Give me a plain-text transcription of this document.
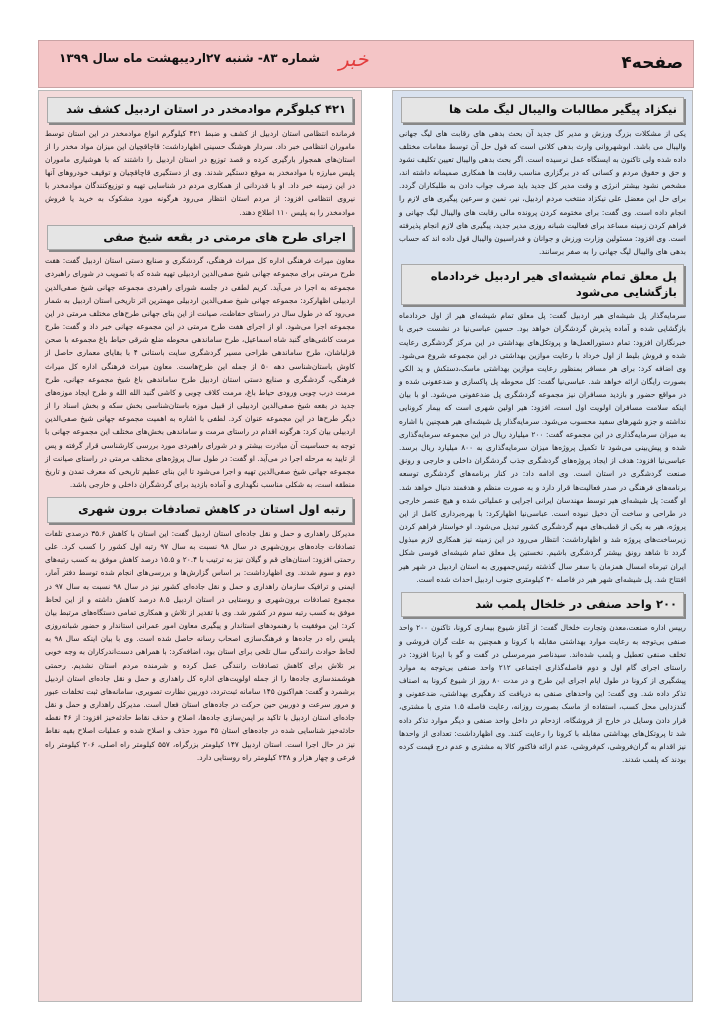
صفحه۴
خبر
شماره ۸۳- شنبه ۲۷اردیبهشت ماه سال ۱۳۹۹
نیکزاد پیگیر مطالبات والیبال لیگ ملت ها

یکی از مشکلات بزرگ ورزش و مدیر کل جدید آن بحث بدهی های رقابت های لیگ جهانی والیبال می باشد. ابوشهروانی وارث بدهی کلانی است که قول حل آن توسط مقامات مختلف داده شده ولی تاکنون به ایستگاه عمل نرسیده است. اگر بحث بدهی والیبال تعیین تکلیف نشود و حق و حقوق مردم و کسانی که در برگزاری مناسب رقابت ها همکاری صمیمانه داشته اند، مشخص نشود بیشتر انرژی و وقت مدیر کل جدید باید صرف جواب دادن به طلبکاران گردد. برای حل این معضل علی نیکزاد منتخب مردم اردبیل، نیر، نمین و سرعین پیگیری های لازم را انجام داده است. وی گفت: برای مختومه کردن پرونده مالی رقابت های والیبال لیگ جهانی و فراهم کردن زمینه مساعد برای فعالیت شبانه روزی مدیر جدید، پیگیری های لازم انجام پذیرفته است. وی افزود: مسئولین وزارت ورزش و جوانان و فدراسیون والیبال قول داده اند که حساب بدهی های والیبال لیگ جهانی را به صفر برسانند.

پل معلق تمام شیشه‌ای هیر اردبیل خردادماه بازگشایی می‌شود

سرمایه‌گذار پل شیشه‌ای هیر اردبیل گفت: پل معلق تمام شیشه‌ای هیر از اول خردادماه بازگشایی شده و آماده پذیرش گردشگران خواهد بود. حسین عباسی‌نیا در نشست خبری با خبرنگاران افزود: تمام دستورالعمل‌ها و پروتکل‌های بهداشتی در این مرکز گردشگری رعایت شده و فروش بلیط از اول خرداد با رعایت موازین بهداشتی در این مجموعه شروع می‌شود. وی اضافه کرد: برای هر مسافر بمنظور رعایت موازین بهداشتی ماسک،دستکش و ید الکی بصورت رایگان ارائه خواهد شد. عباسی‌نیا گفت: کل محوطه پل پاکسازی و ضدعفونی شده و در مواقع حضور و بازدید مسافران نیز مجموعه گردشگری پل ضدعفونی می‌شود. او با بیان اینکه سلامت مسافران اولویت اول است، افزود: هیر اولین شهری است که بیمار کرونایی نداشته و جزو شهرهای سفید محسوب می‌شود. سرمایه‌گذار پل شیشه‌ای هیر همچنین با اشاره به میزان سرمایه‌گذاری در این مجموعه گفت: ۲۰۰ میلیارد ریال در این مجموعه سرمایه‌گذاری شده و پیش‌بینی می‌شود تا تکمیل پروژه‌ها میزان سرمایه‌گذاری به ۸۰۰ میلیارد ریال برسد. عباسی‌نیا افزود: هدف از ایجاد پروژه‌های گردشگری جذب گردشگران داخلی و خارجی و رونق صنعت گردشگری در استان است. وی ادامه داد: در کنار برنامه‌های گردشگری توسعه برنامه‌های فرهنگی در صدر فعالیت‌ها قرار دارد و به صورت منظم و هدفمند دنبال خواهد شد. او گفت: پل شیشه‌ای هیر توسط مهندسان ایرانی اجرایی و عملیاتی شده و هیچ عنصر خارجی در طراحی و ساخت آن دخیل نبوده است. عباسی‌نیا اظهارکرد: با بهره‌برداری کامل از این پروژه، هیر به یکی از قطب‌های مهم گردشگری کشور تبدیل می‌شود. او خواستار فراهم کردن زیرساخت‌های پروژه شد و اظهارداشت: انتظار می‌رود در این زمینه نیز همکاری لازم مبذول گردد تا شاهد رونق بیشتر گردشگری باشیم. نخستین پل معلق تمام شیشه‌ای قوسی شکل ایران تیرماه امسال همزمان با سفر سال گذشته رئیس‌جمهوری به استان اردبیل در شهر هیر افتتاح شد. پل شیشه‌ای شهر هیر در فاصله ۳۰ کیلومتری جنوب اردبیل احداث شده است.

۲۰۰ واحد صنفی در خلخال پلمب شد

رییس اداره صنعت،معدن وتجارت خلخال گفت: از آغاز شیوع بیماری کرونا، تاکنون ۲۰۰ واحد صنفی بی‌توجه به رعایت موارد بهداشتی مقابله با کرونا و همچنین به علت گران فروشی و تخلف صنفی تعطیل و پلمب شده‌اند. سیدناصر میرمرسلی در گفت و گو با ایرنا افزود: در راستای اجرای گام اول و دوم فاصله‌گذاری اجتماعی ۲۱۲ واحد صنفی بی‌توجه به موارد پیشگیری از کرونا در طول ایام اجرای این طرح و در مدت ۸۰ روز از شیوع کرونا به اصناف تذکر داده شد. وی گفت: این واحدهای صنفی به دریافت کد رهگیری بهداشتی، ضدعفونی و گندزدایی محل کسب، استفاده از ماسک بصورت روزانه، رعایت فاصله ۱.۵ متری با مشتری، قرار دادن وسایل در خارج از فروشگاه، ازدحام در داخل واحد صنفی و دیگر موارد تذکر داده شد تا پروتکل‌های بهداشتی مقابله با کرونا را رعایت کنند. وی اظهارداشت: تعدادی از واحدها نیز اقدام به گران‌فروشی، کم‌فروشی، عدم ارائه فاکتور کالا به مشتری و عدم درج قیمت کرده بودند که پلمب شدند.

۴۲۱ کیلوگرم موادمخدر در استان اردبیل کشف شد

فرمانده انتظامی استان اردبیل از کشف و ضبط ۴۲۱ کیلوگرم انواع موادمخدر در این استان توسط ماموران انتظامی خبر داد. سردار هوشنگ حسینی اظهارداشت: قاچاقچیان این میزان مواد مخدر را از استان‌های همجوار بارگیری کرده و قصد توزیع در استان اردبیل را داشتند که با هوشیاری ماموران پلیس مبارزه با موادمخدر به موقع دستگیر شدند. وی از دستگیری قاچاقچیان و توقیف خودروهای آنها در این زمینه خبر داد. او با قدردانی از همکاری مردم در شناسایی تهیه و توزیع‌کنندگان موادمخدر با نیروی انتظامی افزود: از مردم استان انتظار می‌رود هرگونه مورد مشکوک به خرید یا فروش موادمخدر را به پلیس ۱۱۰ اطلاع دهند.

اجرای طرح های مرمتی در بقعه شیخ صفی

معاون میراث فرهنگی اداره کل میراث فرهنگی، گردشگری و صنایع دستی استان اردبیل گفت: هفت طرح مرمتی برای مجموعه جهانی شیخ صفی‌الدین اردبیلی تهیه شده که با تصویب در شورای راهبردی مجموعه به اجرا در می‌آید. کریم لطفی در جلسه شورای راهبردی مجموعه جهانی شیخ صفی‌الدین اردبیلی اظهارکرد: مجموعه جهانی شیخ صفی‌الدین اردبیلی مهمترین اثر تاریخی استان اردبیل به شمار می‌رود که در طول سال در راستای حفاظت، صیانت از این بنای جهانی طرح‌های مختلف مرمتی در این مجموعه اجرا می‌شود. او از اجرای هفت طرح مرمتی در این مجموعه جهانی خبر داد و گفت: طرح مرمت کاشی‌های گنبد شاه اسماعیل، طرح ساماندهی محوطه ضلع شرقی حیاط باغ مجموعه با صحن قزلباشان، طرح ساماندهی طراحی مسیر گردشگری سایت باستانی ۴ با بقایای معماری حاصل از کاوش باستان‌شناسی دهه ۵۰ از جمله این طرح‌هاست. معاون میراث فرهنگی اداره کل میراث فرهنگی، گردشگری و صنایع دستی استان اردبیل طرح ساماندهی باغ شیخ مجموعه جهانی، طرح مرمت درب چوبی ورودی حیاط باغ، مرمت کلاف چوبی و کاشی گنبد الله الله و طرح ایجاد موزه‌های جدید در بقعه شیخ صفی‌الدین اردبیلی از قبیل موزه باستان‌شناسی بخش سکه و بخش اسناد را از دیگر طرح‌ها در این مجموعه عنوان کرد. لطفی با اشاره به اهمیت مجموعه جهانی شیخ صفی‌الدین اردبیلی بیان کرد: هرگونه اقدام در راستای مرمت و ساماندهی بخش‌های مختلف این مجموعه جهانی با توجه به حساسیت آن مبادرت بیشتر و در شورای راهبردی مورد بررسی کارشناسی قرار گرفته و پس از تایید به مرحله اجرا در می‌آید. او گفت: در طول سال پروژه‌های مختلف مرمتی در راستای صیانت از مجموعه جهانی شیخ صفی‌الدین تهیه و اجرا می‌شود تا این بنای عظیم تاریخی که معرف تمدن و تاریخ منطقه است، به شکلی مناسب نگهداری و آماده بازدید برای گردشگران داخلی و خارجی باشد.

رتبه اول استان در کاهش تصادفات برون شهری

مدیرکل راهداری و حمل و نقل جاده‌ای استان اردبیل گفت: این استان با کاهش ۳۵.۶ درصدی تلفات تصادفات جاده‌های برون‌شهری در سال ۹۸ نسبت به سال ۹۷ رتبه اول کشور را کسب کرد. علی رحمتی افزود: استان‌های قم و گیلان نیز به ترتیب با ۲۰.۴ و ۱۵.۵ درصد کاهش موفق به کسب رتبه‌های دوم و سوم شدند. وی اظهارداشت: بر اساس گزارش‌ها و بررسی‌های انجام شده توسط دفتر آمار، ایمنی و ترافیک سازمان راهداری و حمل و نقل جاده‌ای کشور نیز در سال ۹۸ نسبت به سال ۹۷ در مجموع تصادفات برون‌شهری و روستایی در استان اردبیل ۸.۵ درصد کاهش داشته و از این لحاظ موفق به کسب رتبه سوم در کشور شد. وی با تقدیر از تلاش و همکاری تمامی دستگاه‌های مرتبط بیان کرد: این موفقیت با رهنمودهای استاندار و پیگیری معاون امور عمرانی استاندار و حضور شبانه‌روزی پلیس راه در جاده‌ها و فرهنگ‌سازی اصحاب رسانه حاصل شده است. وی با بیان اینکه سال ۹۸ به لحاظ حوادث رانندگی سال تلخی برای استان بود، اضافه‌کرد: با همراهی دست‌اندرکاران به وجه خوبی بر تلاش برای کاهش تصادفات رانندگی عمل کرده و شرمنده مردم استان نشدیم. رحمتی هوشمندسازی جاده‌ها را از جمله اولویت‌های اداره کل راهداری و حمل و نقل جاده‌ای استان اردبیل برشمرد و گفت: هم‌اکنون ۱۴۵ سامانه ثبت‌تردد، دوربین نظارت تصویری، سامانه‌های ثبت تخلفات عبور و مرور سرعت و دوربین حین حرکت در جاده‌های استان فعال است. مدیرکل راهداری و حمل و نقل جاده‌ای استان اردبیل با تاکید بر ایمن‌سازی جاده‌ها، اصلاح و حذف نقاط حادثه‌خیز افزود: از ۴۶ نقطه حادثه‌خیز شناسایی شده در جاده‌های استان ۳۵ مورد حذف و اصلاح شده و عملیات اصلاح بقیه نقاط نیز در حال اجرا است. استان اردبیل ۱۴۷ کیلومتر بزرگراه، ۵۵۷ کیلومتر راه اصلی، ۲۰۶ کیلومتر راه فرعی و چهار هزار و ۲۳۸ کیلومتر راه روستایی دارد.
